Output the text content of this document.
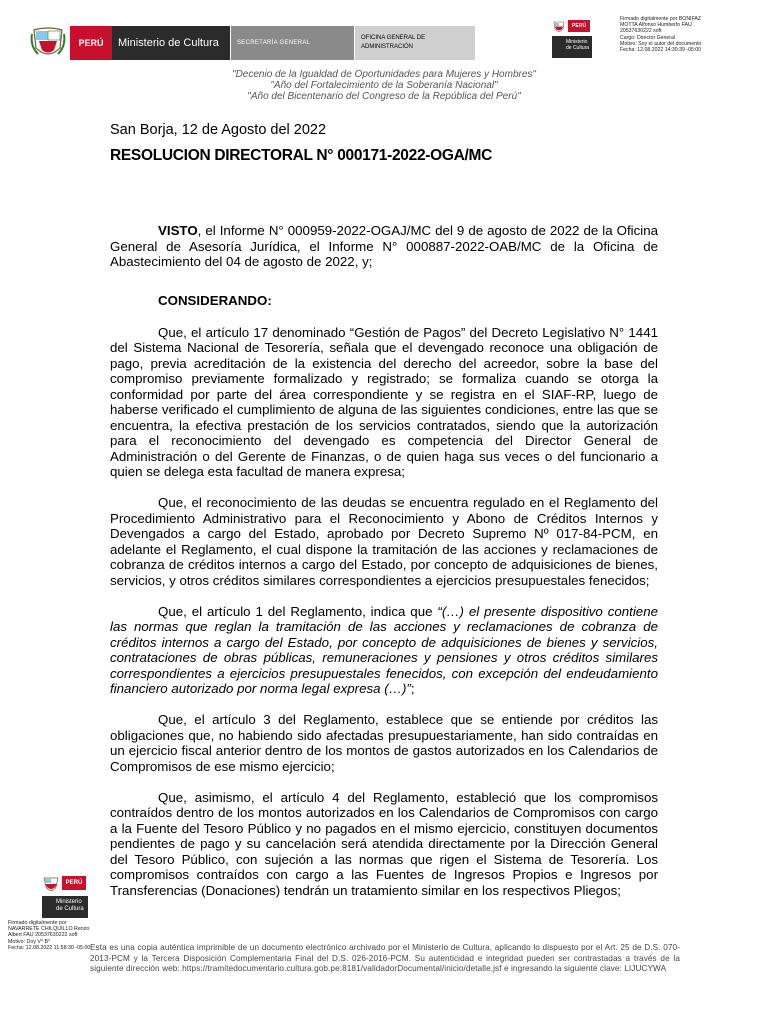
PERÚ	Ministerio de Cultura	SECRETARÍA GENERAL
OFICINA GENERAL DE
ADMINISTRACIÓN
PERÚ
Ministerio
de Cultura
Firmado digitalmente por BONIFAZ
MOTTA Alfonso Humberto FAU
20537630222 soft
Cargo: Director General
Motivo: Soy el autor del documento
Fecha: 12.08.2022 14:30:39 -05:00
"Decenio de la Igualdad de Oportunidades para Mujeres y Hombres"
"Año del Fortalecimiento de la Soberanía Nacional"
"Año del Bicentenario del Congreso de la República del Perú"
San Borja, 12 de Agosto del 2022
RESOLUCION DIRECTORAL N° 000171-2022-OGA/MC

VISTO, el Informe N° 000959-2022-OGAJ/MC del 9 de agosto de 2022 de la Oficina General de Asesoría Jurídica, el Informe N° 000887-2022-OAB/MC de la Oficina de Abastecimiento del 04 de agosto de 2022, y;

CONSIDERANDO:

Que, el artículo 17 denominado “Gestión de Pagos” del Decreto Legislativo N° 1441 del Sistema Nacional de Tesorería, señala que el devengado reconoce una obligación de pago, previa acreditación de la existencia del derecho del acreedor, sobre la base del compromiso previamente formalizado y registrado; se formaliza cuando se otorga la conformidad por parte del área correspondiente y se registra en el SIAF-RP, luego de haberse verificado el cumplimiento de alguna de las siguientes condiciones, entre las que se encuentra, la efectiva prestación de los servicios contratados, siendo que la autorización para el reconocimiento del devengado es competencia del Director General de Administración o del Gerente de Finanzas, o de quien haga sus veces o del funcionario a quien se delega esta facultad de manera expresa;

Que, el reconocimiento de las deudas se encuentra regulado en el Reglamento del Procedimiento Administrativo para el Reconocimiento y Abono de Créditos Internos y Devengados a cargo del Estado, aprobado por Decreto Supremo Nº 017-84-PCM, en adelante el Reglamento, el cual dispone la tramitación de las acciones y reclamaciones de cobranza de créditos internos a cargo del Estado, por concepto de adquisiciones de bienes, servicios, y otros créditos similares correspondientes a ejercicios presupuestales fenecidos;

Que, el artículo 1 del Reglamento, indica que “(…) el presente dispositivo contiene las normas que reglan la tramitación de las acciones y reclamaciones de cobranza de créditos internos a cargo del Estado, por concepto de adquisiciones de bienes y servicios, contrataciones de obras públicas, remuneraciones y pensiones y otros créditos similares correspondientes a ejercicios presupuestales fenecidos, con excepción del endeudamiento financiero autorizado por norma legal expresa (…)”;

Que, el artículo 3 del Reglamento, establece que se entiende por créditos las obligaciones que, no habiendo sido afectadas presupuestariamente, han sido contraídas en un ejercicio fiscal anterior dentro de los montos de gastos autorizados en los Calendarios de Compromisos de ese mismo ejercicio;

Que, asimismo, el artículo 4 del Reglamento, estableció que los compromisos contraídos dentro de los montos autorizados en los Calendarios de Compromisos con cargo a la Fuente del Tesoro Público y no pagados en el mismo ejercicio, constituyen documentos pendientes de pago y su cancelación será atendida directamente por la Dirección General del Tesoro Público, con sujeción a las normas que rigen el Sistema de Tesorería. Los compromisos contraídos con cargo a las Fuentes de Ingresos Propios e Ingresos por Transferencias (Donaciones) tendrán un tratamiento similar en los respectivos Pliegos;

PERÚ
Ministerio
de Cultura
Firmado digitalmente por
NAVARRETE CHILQUILLO Renzo
Albert FAU 20537630222 soft
Motivo: Doy V° B°
Fecha: 12.08.2022 11:58:30 -05:00 Esta es una copia auténtica imprimible de un documento electrónico archivado por el Ministerio de Cultura, aplicando lo dispuesto por el Art. 25 de D.S. 070-2013-PCM y la Tercera Disposición Complementaria Final del D.S. 026-2016-PCM. Su autenticidad e integridad pueden ser contrastadas a través de la siguiente dirección web: https://tramitedocumentario.cultura.gob.pe:8181/validadorDocumental/inicio/detalle.jsf e ingresando la siguiente clave: LIJUCYWA
